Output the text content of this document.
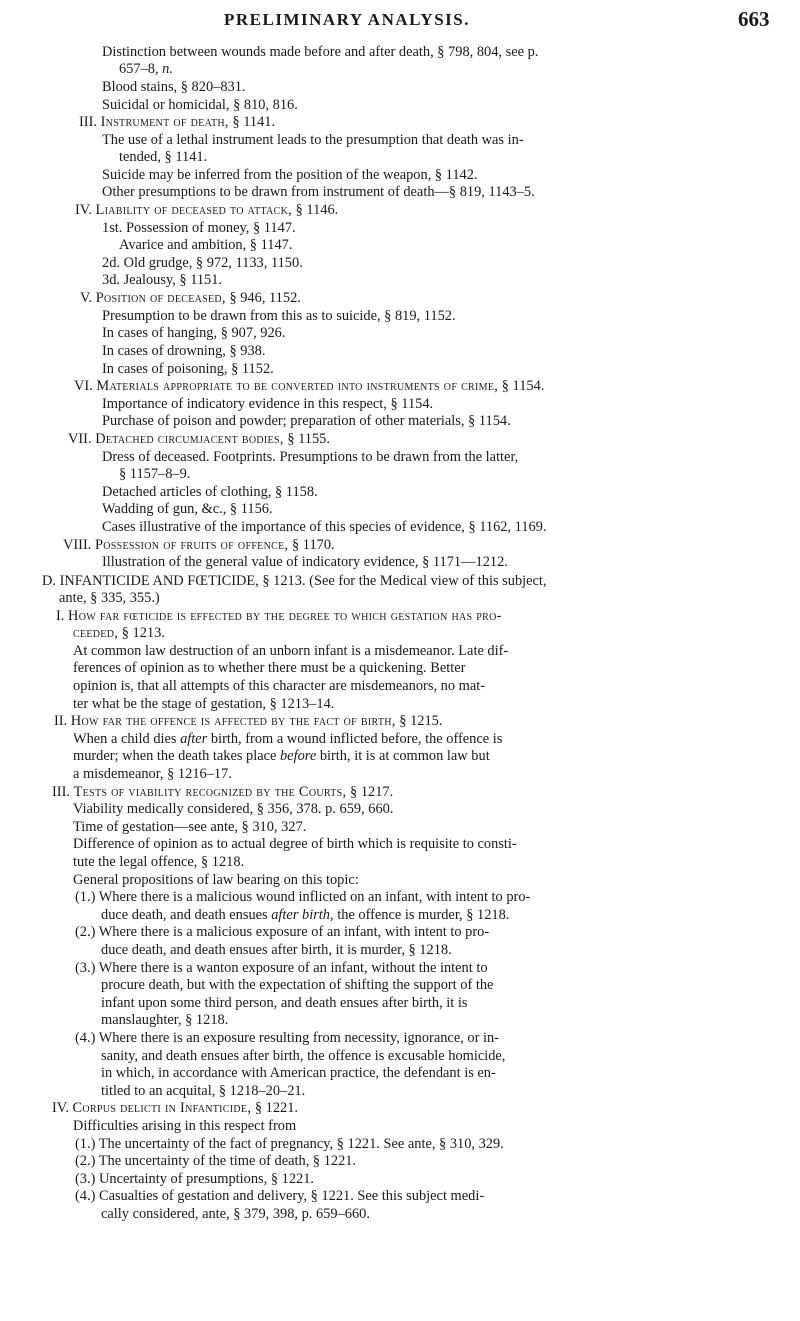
PRELIMINARY ANALYSIS.	663
Distinction between wounds made before and after death, § 798, 804, see p.
657–8, n.
Blood stains, § 820–831.
Suicidal or homicidal, § 810, 816.
III. Instrument of death, § 1141.
The use of a lethal instrument leads to the presumption that death was in-
tended, § 1141.
Suicide may be inferred from the position of the weapon, § 1142.
Other presumptions to be drawn from instrument of death—§ 819, 1143–5.
IV. Liability of deceased to attack, § 1146.
1st. Possession of money, § 1147.
Avarice and ambition, § 1147.
2d. Old grudge, § 972, 1133, 1150.
3d. Jealousy, § 1151.
V. Position of deceased, § 946, 1152.
Presumption to be drawn from this as to suicide, § 819, 1152.
In cases of hanging, § 907, 926.
In cases of drowning, § 938.
In cases of poisoning, § 1152.
VI. Materials appropriate to be converted into instruments of crime, § 1154.
Importance of indicatory evidence in this respect, § 1154.
Purchase of poison and powder; preparation of other materials, § 1154.
VII. Detached circumjacent bodies, § 1155.
Dress of deceased. Footprints. Presumptions to be drawn from the latter,
§ 1157–8–9.
Detached articles of clothing, § 1158.
Wadding of gun, &c., § 1156.
Cases illustrative of the importance of this species of evidence, § 1162, 1169.
VIII. Possession of fruits of offence, § 1170.
Illustration of the general value of indicatory evidence, § 1171—1212.
D. INFANTICIDE AND FŒTICIDE, § 1213. (See for the Medical view of this subject,
ante, § 335, 355.)
I. How far fœticide is effected by the degree to which gestation has pro-
ceeded, § 1213.
At common law destruction of an unborn infant is a misdemeanor. Late dif-
ferences of opinion as to whether there must be a quickening. Better
opinion is, that all attempts of this character are misdemeanors, no mat-
ter what be the stage of gestation, § 1213–14.
II. How far the offence is affected by the fact of birth, § 1215.
When a child dies after birth, from a wound inflicted before, the offence is
murder; when the death takes place before birth, it is at common law but
a misdemeanor, § 1216–17.
III. Tests of viability recognized by the Courts, § 1217.
Viability medically considered, § 356, 378. p. 659, 660.
Time of gestation—see ante, § 310, 327.
Difference of opinion as to actual degree of birth which is requisite to consti-
tute the legal offence, § 1218.
General propositions of law bearing on this topic:
(1.) Where there is a malicious wound inflicted on an infant, with intent to pro-
duce death, and death ensues after birth, the offence is murder, § 1218.
(2.) Where there is a malicious exposure of an infant, with intent to pro-
duce death, and death ensues after birth, it is murder, § 1218.
(3.) Where there is a wanton exposure of an infant, without the intent to
procure death, but with the expectation of shifting the support of the
infant upon some third person, and death ensues after birth, it is
manslaughter, § 1218.
(4.) Where there is an exposure resulting from necessity, ignorance, or in-
sanity, and death ensues after birth, the offence is excusable homicide,
in which, in accordance with American practice, the defendant is en-
titled to an acquital, § 1218–20–21.
IV. Corpus delicti in Infanticide, § 1221.
Difficulties arising in this respect from
(1.) The uncertainty of the fact of pregnancy, § 1221. See ante, § 310, 329.
(2.) The uncertainty of the time of death, § 1221.
(3.) Uncertainty of presumptions, § 1221.
(4.) Casualties of gestation and delivery, § 1221. See this subject medi-
cally considered, ante, § 379, 398, p. 659–660.
